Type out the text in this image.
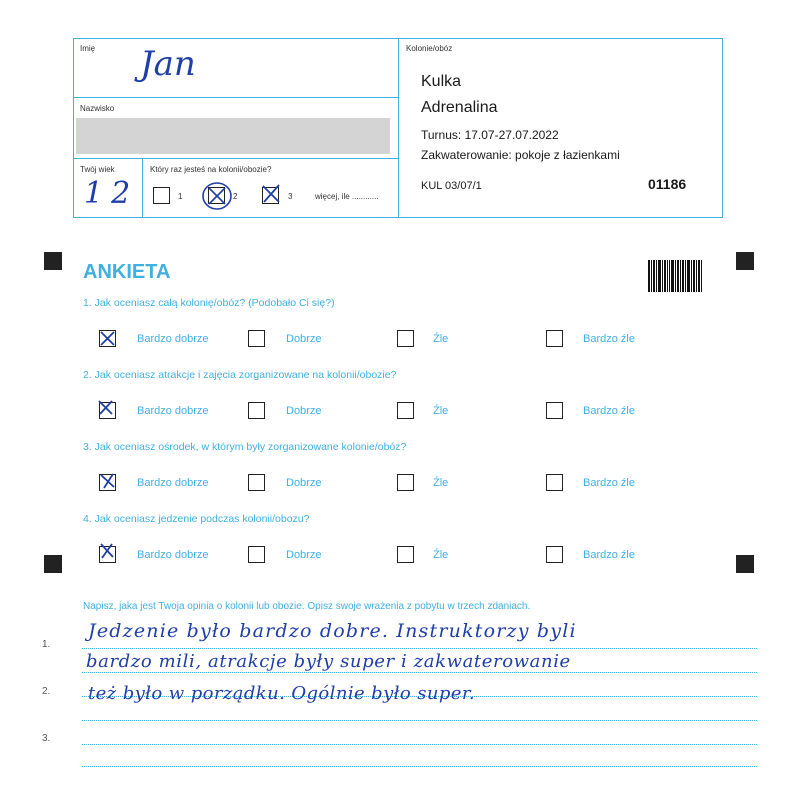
Imię Jan
Nazwisko
Twój wiek
12
Który raz jesteś na kolonii/obozie?
1	2	3	więcej, ile ............
Kolonie/obóz
Kulka
Adrenalina
Turnus: 17.07-27.07.2022
Zakwaterowanie: pokoje z łazienkami
KUL 03/07/1	01186
ANKIETA
1. Jak oceniasz całą kolonię/obóz? (Podobało Ci się?)
Bardzo dobrze	Dobrze	Źle	Bardzo źle
2. Jak oceniasz atrakcje i zajęcia zorganizowane na kolonii/obozie?
Bardzo dobrze	Dobrze	Źle	Bardzo źle
3. Jak oceniasz ośrodek, w którym były zorganizowane kolonie/obóz?
Bardzo dobrze	Dobrze	Źle	Bardzo źle
4. Jak oceniasz jedzenie podczas kolonii/obozu?
Bardzo dobrze	Dobrze	Źle	Bardzo źle
Napisz, jaka jest Twoja opinia o kolonii lub obozie. Opisz swoje wrażenia z pobytu w trzech zdaniach.
1.
2.
3.
Jedzenie było bardzo dobre. Instruktorzy byli
bardzo mili, atrakcje były super i zakwaterowanie
też było w porządku. Ogólnie było super.
